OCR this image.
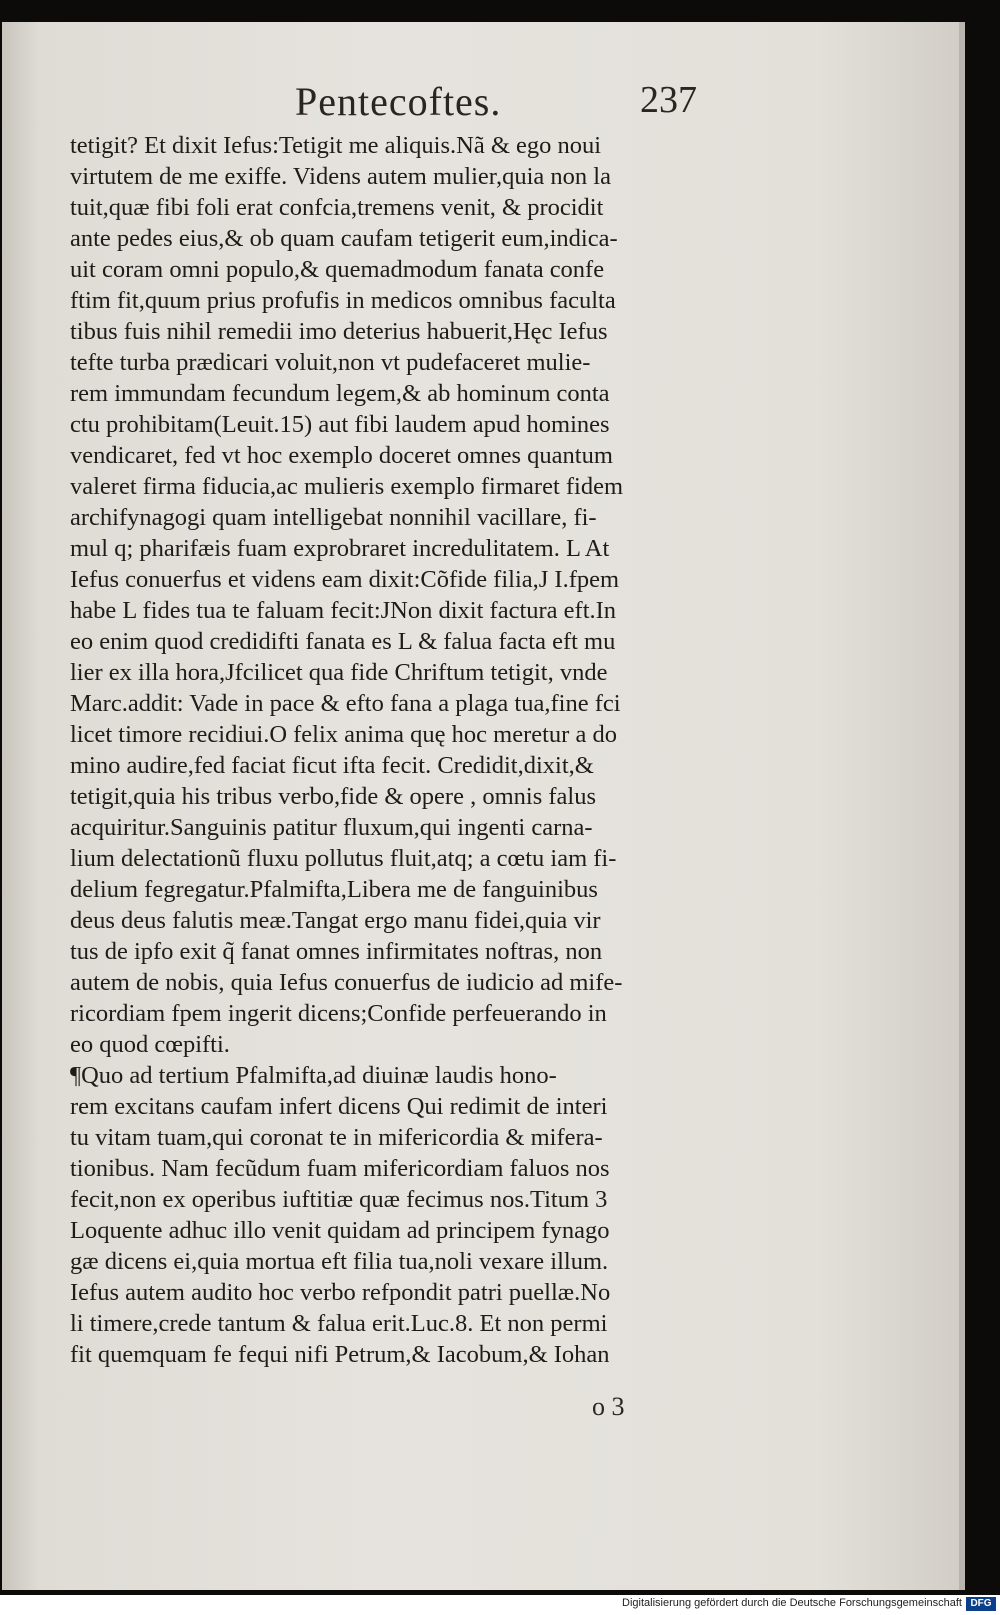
Pentecoftes.	237
tetigit? Et dixit Iefus:Tetigit me aliquis.Nã & ego noui
virtutem de me exiffe. Videns autem mulier,quia non la
tuit,quæ fibi foli erat confcia,tremens venit, & procidit
ante pedes eius,& ob quam caufam tetigerit eum,indica-
uit coram omni populo,& quemadmodum fanata confe
ftim fit,quum prius profufis in medicos omnibus faculta
tibus fuis nihil remedii imo deterius habuerit,Hęc Iefus
tefte turba prædicari voluit,non vt pudefaceret mulie-
rem immundam fecundum legem,& ab hominum conta
ctu prohibitam(Leuit.15) aut fibi laudem apud homines
vendicaret, fed vt hoc exemplo doceret omnes quantum
valeret firma fiducia,ac mulieris exemplo firmaret fidem
archifynagogi quam intelligebat nonnihil vacillare, fi-
mul q; pharifæis fuam exprobraret incredulitatem. L At
Iefus conuerfus et videns eam dixit:Cõfide filia,J I.fpem
habe L fides tua te faluam fecit:JNon dixit factura eft.In
eo enim quod credidifti fanata es L & falua facta eft mu
lier ex illa hora,Jfcilicet qua fide Chriftum tetigit, vnde
Marc.addit: Vade in pace & efto fana a plaga tua,fine fci
licet timore recidiui.O felix anima quę hoc meretur a do
mino audire,fed faciat ficut ifta fecit. Credidit,dixit,&
tetigit,quia his tribus verbo,fide & opere , omnis falus
acquiritur.Sanguinis patitur fluxum,qui ingenti carna-
lium delectationũ fluxu pollutus fluit,atq; a cœtu iam fi-
delium fegregatur.Pfalmifta,Libera me de fanguinibus
deus deus falutis meæ.Tangat ergo manu fidei,quia vir
tus de ipfo exit q̃ fanat omnes infirmitates noftras, non
autem de nobis, quia Iefus conuerfus de iudicio ad mife-
ricordiam fpem ingerit dicens;Confide perfeuerando in
eo quod cœpifti.
¶Quo ad tertium Pfalmifta,ad diuinæ laudis hono-
rem excitans caufam infert dicens Qui redimit de interi
tu vitam tuam,qui coronat te in mifericordia & mifera-
tionibus. Nam fecũdum fuam mifericordiam faluos nos
fecit,non ex operibus iuftitiæ quæ fecimus nos.Titum 3
Loquente adhuc illo venit quidam ad principem fynago
gæ dicens ei,quia mortua eft filia tua,noli vexare illum.
Iefus autem audito hoc verbo refpondit patri puellæ.No
li timere,crede tantum & falua erit.Luc.8. Et non permi
fit quemquam fe fequi nifi Petrum,& Iacobum,& Iohan
o 3
Digitalisierung gefördert durch die Deutsche Forschungsgemeinschaft DFG
